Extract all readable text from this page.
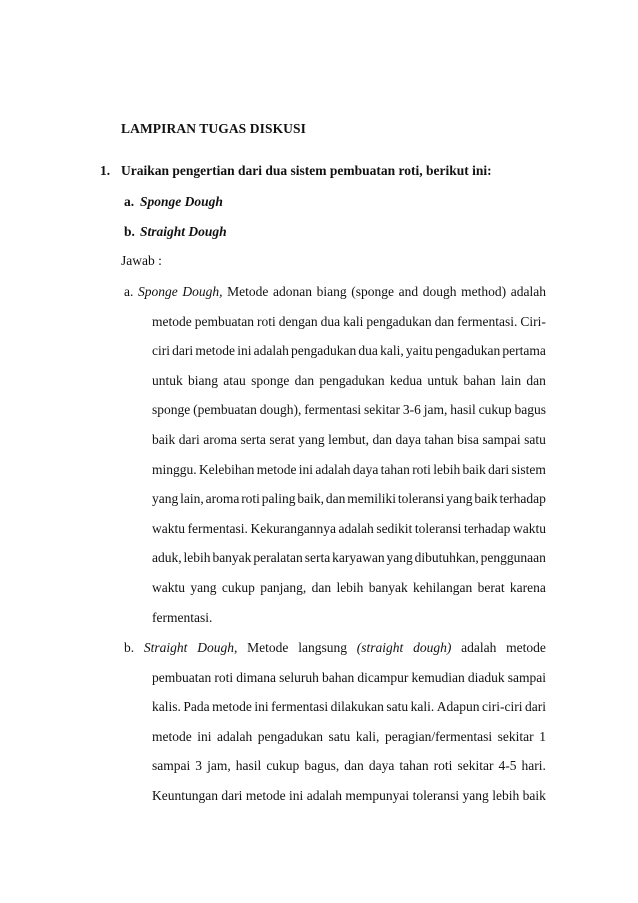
LAMPIRAN TUGAS DISKUSI
1. Uraikan pengertian dari dua sistem pembuatan roti, berikut ini:
a. Sponge Dough
b. Straight Dough
Jawab :
a. Sponge Dough, Metode adonan biang (sponge and dough method) adalah
metode pembuatan roti dengan dua kali pengadukan dan fermentasi. Ciri-
ciri dari metode ini adalah pengadukan dua kali, yaitu pengadukan pertama
untuk biang atau sponge dan pengadukan kedua untuk bahan lain dan
sponge (pembuatan dough), fermentasi sekitar 3-6 jam, hasil cukup bagus
baik dari aroma serta serat yang lembut, dan daya tahan bisa sampai satu
minggu. Kelebihan metode ini adalah daya tahan roti lebih baik dari sistem
yang lain, aroma roti paling baik, dan memiliki toleransi yang baik terhadap
waktu fermentasi. Kekurangannya adalah sedikit toleransi terhadap waktu
aduk, lebih banyak peralatan serta karyawan yang dibutuhkan, penggunaan
waktu yang cukup panjang, dan lebih banyak kehilangan berat karena
fermentasi.
b. Straight Dough, Metode langsung (straight dough) adalah metode
pembuatan roti dimana seluruh bahan dicampur kemudian diaduk sampai
kalis. Pada metode ini fermentasi dilakukan satu kali. Adapun ciri-ciri dari
metode ini adalah pengadukan satu kali, peragian/fermentasi sekitar 1
sampai 3 jam, hasil cukup bagus, dan daya tahan roti sekitar 4-5 hari.
Keuntungan dari metode ini adalah mempunyai toleransi yang lebih baik
